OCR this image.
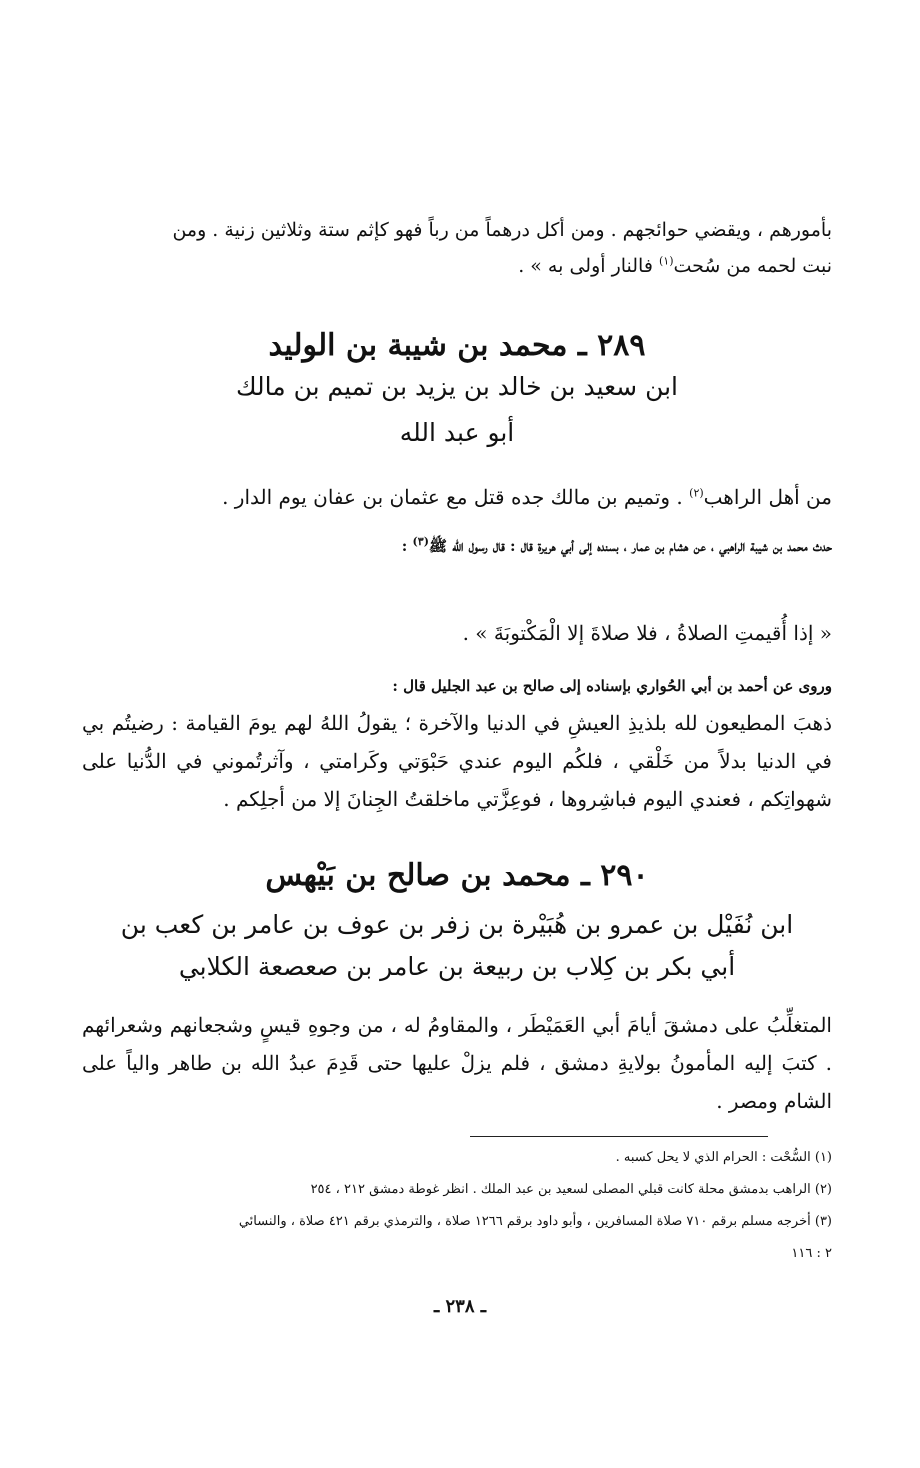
بأمورهم ، ويقضي حوائجهم . ومن أكل درهماً من رباً فهو كإثم ستة وثلاثين زنية . ومن
نبت لحمه من سُحت$^{(١)}$ فالنار أولى به » .
٢٨٩ ـ محمد بن شيبة بن الوليد
ابن سعيد بن خالد بن يزيد بن تميم بن مالك
أبو عبد الله
من أهل الراهب$^{(٢)}$ . وتميم بن مالك جده قتل مع عثمان بن عفان يوم الدار .
حدث محمد بن شيبة الراهبي ، عن هشام بن عمار ، بسنده إلى أبي هريرة قال : قال رسول الله ﷺ$^{(٣)}$ :
« إذا أُقيمتِ الصلاةُ ، فلا صلاةَ إلا الْمَكْتوبَةَ » .
وروى عن أحمد بن أبي الحُواري بإسناده إلى صالح بن عبد الجليل قال :
ذهبَ المطيعون لله بلذيذِ العيشِ في الدنيا والآخرة ؛ يقولُ اللهُ لهم يومَ القيامة : رضيتُم بي في الدنيا بدلاً من خَلْقي ، فلكُم اليوم عندي حَبْوَتي وكَرامتي ، وآثرتُموني في الدُّنيا على شهواتِكم ، فعندي اليوم فباشِروها ، فوعِزَّتي ماخلقتُ الجِنانَ إلا من أجلِكم .
٢٩٠ ـ محمد بن صالح بن بَيْهس
ابن نُفَيْل بن عمرو بن هُبَيْرة بن زفر بن عوف بن عامر بن كعب بن
أبي بكر بن كِلاب بن ربيعة بن عامر بن صعصعة الكلابي
المتغلِّبُ على دمشقَ أيامَ أبي العَمَيْطَر ، والمقاومُ له ، من وجوهِ قيسٍ وشجعانهم وشعرائهم . كتبَ إليه المأمونُ بولايةِ دمشق ، فلم يزلْ عليها حتى قَدِمَ عبدُ الله بن طاهر والياً على الشام ومصر .
(١) السُّحْت : الحرام الذي لا يحل كسبه .
(٢) الراهب بدمشق محلة كانت قبلي المصلى لسعيد بن عبد الملك . انظر غوطة دمشق ٢١٢ ، ٢٥٤
(٣) أخرجه مسلم برقم ٧١٠ صلاة المسافرين ، وأبو داود برقم ١٢٦٦ صلاة ، والترمذي برقم ٤٢١ صلاة ، والنسائي
٢ : ١١٦
ـ ٢٣٨ ـ
